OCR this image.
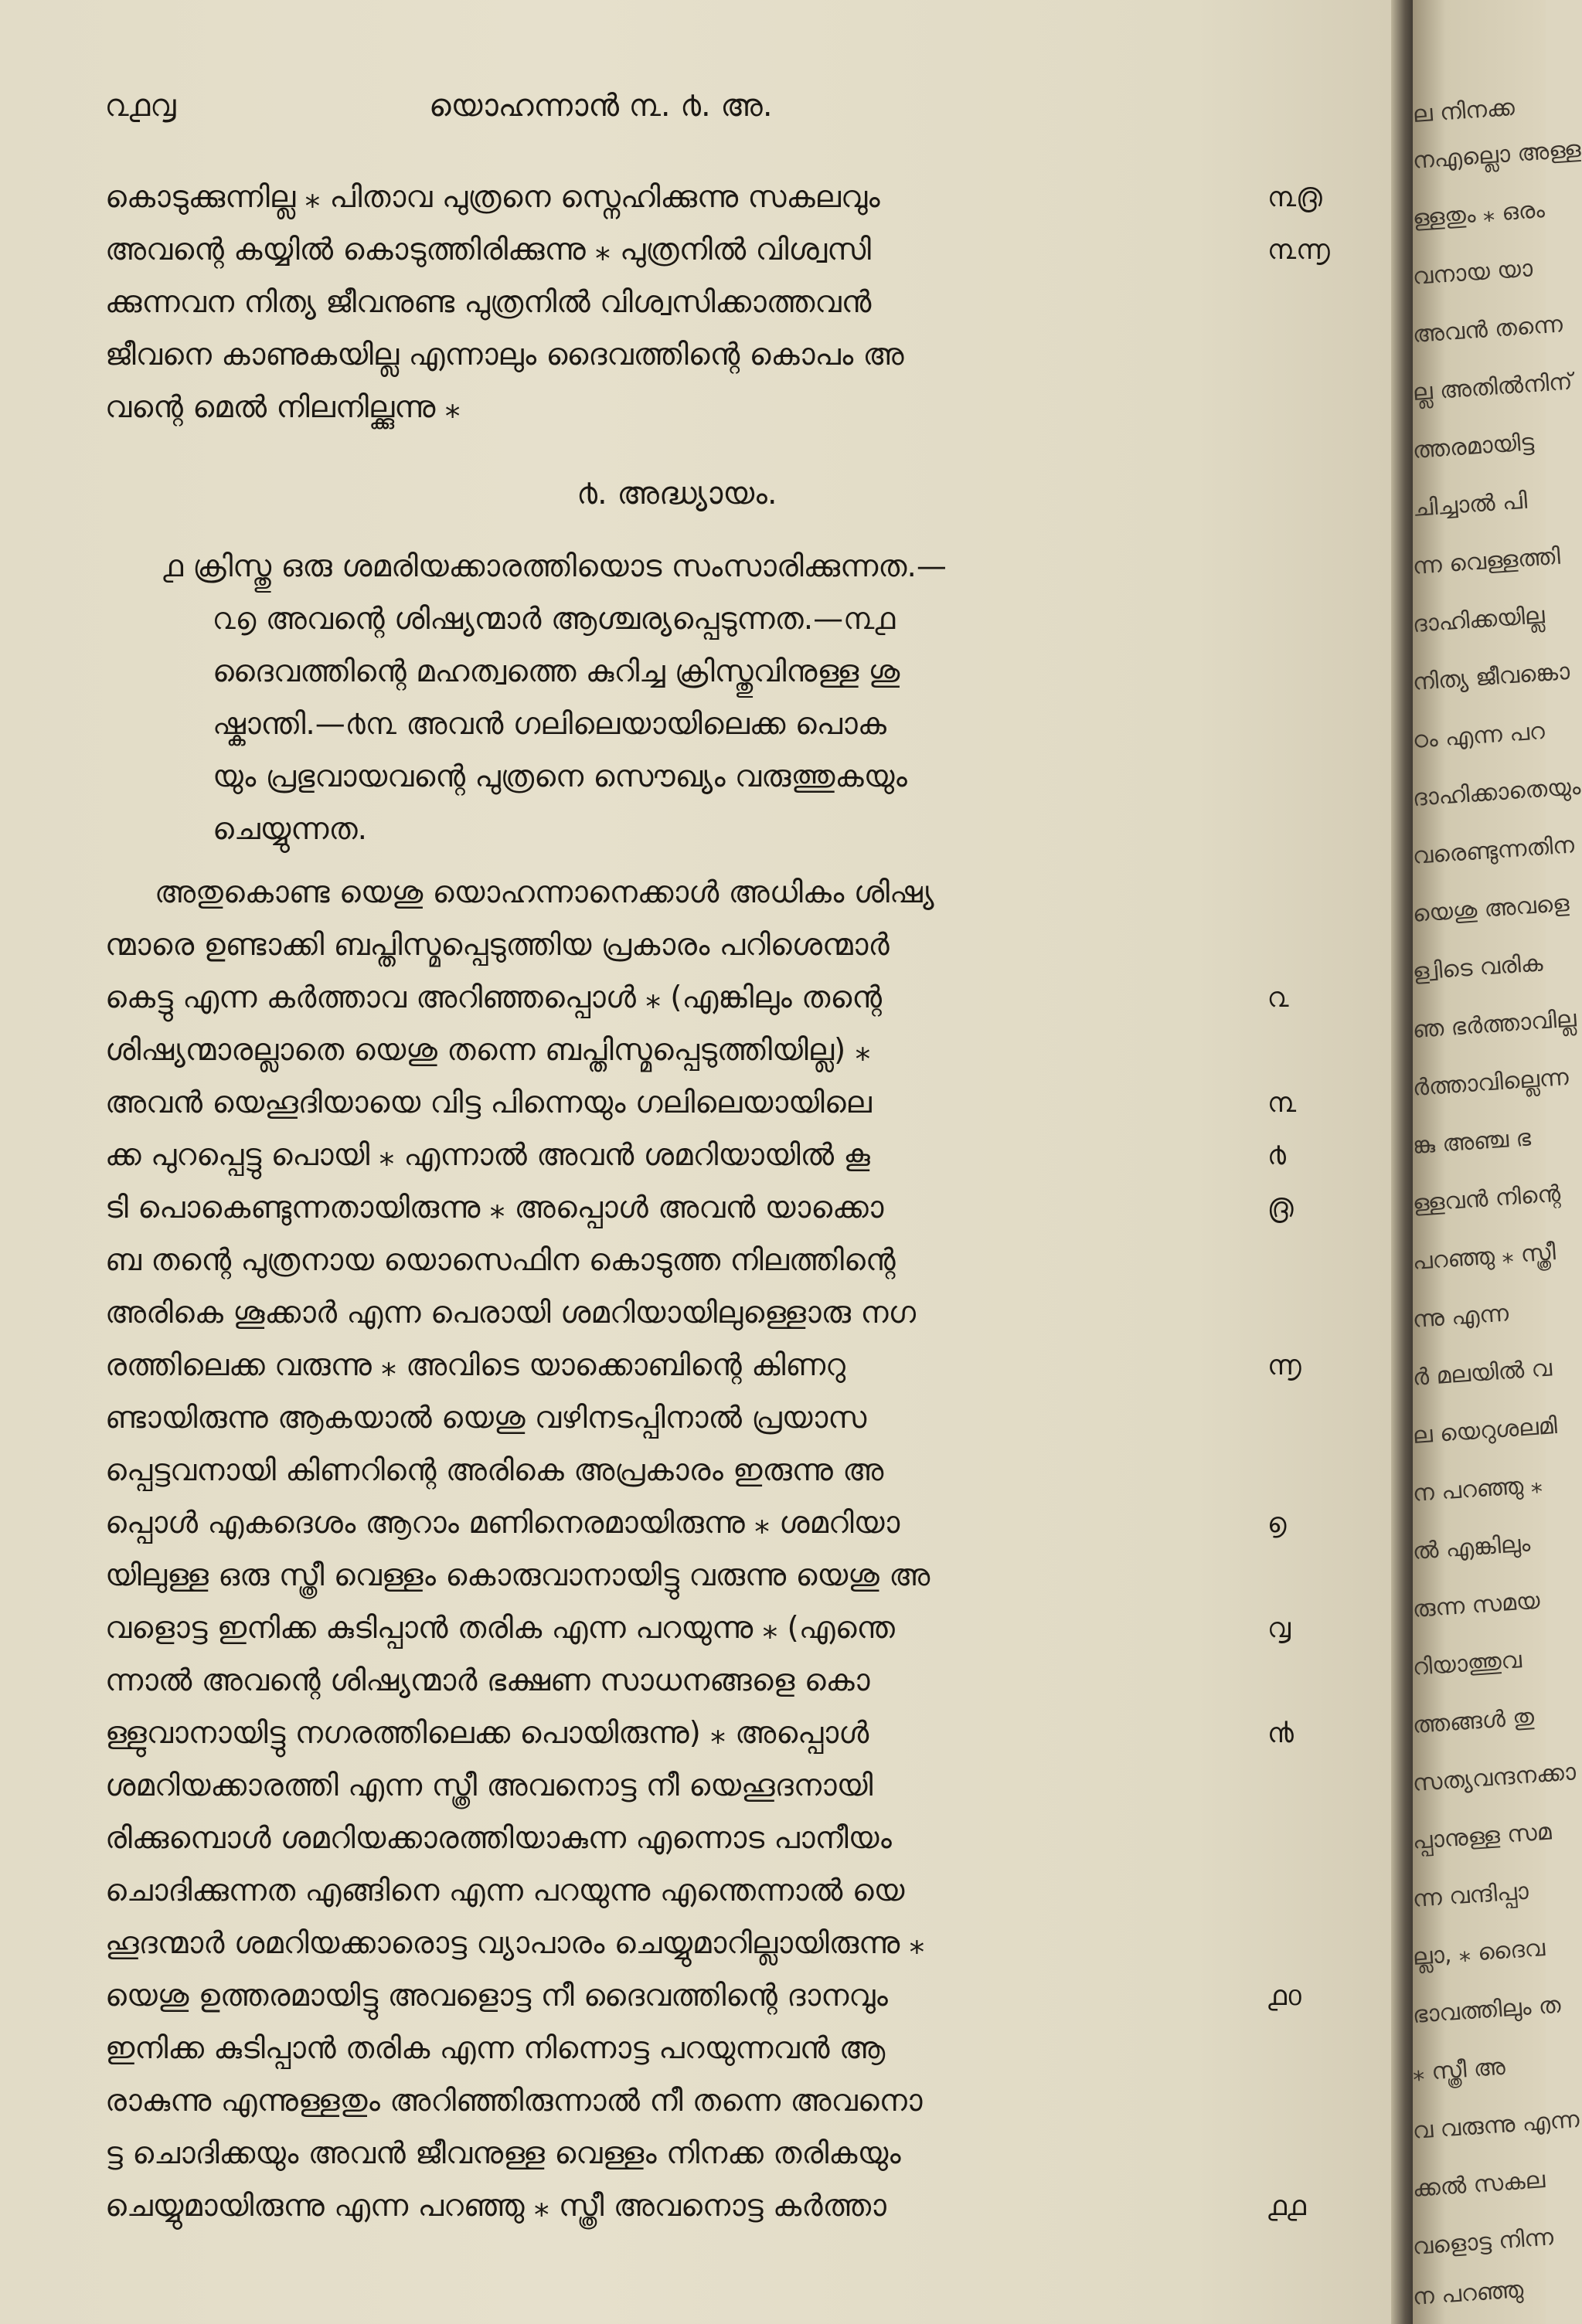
൨൧൮	യൊഹന്നാൻ ൩. ൪. അ.
കൊടുക്കുന്നില്ല ⁎ പിതാവ പുത്രനെ സ്നെഹിക്കുന്നു സകലവും
അവന്റെ കയ്യിൽ കൊടുത്തിരിക്കുന്നു ⁎ പുത്രനിൽ വിശ്വസി
ക്കുന്നവന നിത്യ ജീവനുണ്ട പുത്രനിൽ വിശ്വസിക്കാത്തവൻ
ജീവനെ കാണുകയില്ല എന്നാലും ദൈവത്തിന്റെ കൊപം അ
വന്റെ മെൽ നിലനില്ക്കുന്നു ⁎
൪. അദ്ധ്യായം.
൧ ക്രിസ്തു ഒരു ശമരിയക്കാരത്തിയൊട സംസാരിക്കുന്നത.—
൨൭ അവന്റെ ശിഷ്യന്മാർ ആശ്ചര്യപ്പെടുന്നത.—൩൧
ദൈവത്തിന്റെ മഹത്വത്തെ കുറിച്ച ക്രിസ്തുവിനുള്ള ശു
ഷ്കാന്തി.—൪൩ അവൻ ഗലിലെയായിലെക്ക പൊക
യും പ്രഭുവായവന്റെ പുത്രനെ സൌഖ്യം വരുത്തുകയും
ചെയ്യുന്നത.
അതുകൊണ്ട യെശു യൊഹന്നാനെക്കാൾ അധികം ശിഷ്യ
ന്മാരെ ഉണ്ടാക്കി ബപ്തിസ്മപ്പെടുത്തിയ പ്രകാരം പറിശെന്മാർ
കെട്ടു എന്ന കർത്താവ അറിഞ്ഞപ്പൊൾ ⁎ (എങ്കിലും തന്റെ
ശിഷ്യന്മാരല്ലാതെ യെശു തന്നെ ബപ്തിസ്മപ്പെടുത്തിയില്ല) ⁎
അവൻ യെഹൂദിയായെ വിട്ട പിന്നെയും ഗലിലെയായിലെ
ക്ക പുറപ്പെട്ടു പൊയി ⁎ എന്നാൽ അവൻ ശമറിയായിൽ കൂ
ടി പൊകെണ്ടുന്നതായിരുന്നു ⁎ അപ്പൊൾ അവൻ യാക്കൊ
ബ തന്റെ പുത്രനായ യൊസെഫിന കൊടുത്ത നിലത്തിന്റെ
അരികെ ശൂക്കാർ എന്ന പെരായി ശമറിയായിലുള്ളൊരു നഗ
രത്തിലെക്ക വരുന്നു ⁎ അവിടെ യാക്കൊബിന്റെ കിണറു
ണ്ടായിരുന്നു ആകയാൽ യെശു വഴിനടപ്പിനാൽ പ്രയാസ
പ്പെട്ടവനായി കിണറിന്റെ അരികെ അപ്രകാരം ഇരുന്നു അ
പ്പൊൾ എകദെശം ആറാം മണിനെരമായിരുന്നു ⁎ ശമറിയാ
യിലുള്ള ഒരു സ്ത്രീ വെള്ളം കൊരുവാനായിട്ടു വരുന്നു യെശു അ
വളൊട്ട ഇനിക്ക കുടിപ്പാൻ തരിക എന്ന പറയുന്നു ⁎ (എന്തെ
ന്നാൽ അവന്റെ ശിഷ്യന്മാർ ഭക്ഷണ സാധനങ്ങളെ കൊ
ള്ളുവാനായിട്ടു നഗരത്തിലെക്ക പൊയിരുന്നു) ⁎ അപ്പൊൾ
ശമറിയക്കാരത്തി എന്ന സ്ത്രീ അവനൊട്ട നീ യെഹൂദനായി
രിക്കുമ്പൊൾ ശമറിയക്കാരത്തിയാകുന്ന എന്നൊട പാനീയം
ചൊദിക്കുന്നത എങ്ങിനെ എന്ന പറയുന്നു എന്തെന്നാൽ യെ
ഹൂദന്മാർ ശമറിയക്കാരൊട്ട വ്യാപാരം ചെയ്യുമാറില്ലായിരുന്നു ⁎
യെശു ഉത്തരമായിട്ടു അവളൊട്ട നീ ദൈവത്തിന്റെ ദാനവും
ഇനിക്ക കുടിപ്പാൻ തരിക എന്ന നിന്നൊട്ട പറയുന്നവൻ ആ
രാകുന്നു എന്നുള്ളതും അറിഞ്ഞിരുന്നാൽ നീ തന്നെ അവനൊ
ട്ട ചൊദിക്കയും അവൻ ജീവനുള്ള വെള്ളം നിനക്ക തരികയും
ചെയ്യുമായിരുന്നു എന്ന പറഞ്ഞു ⁎ സ്ത്രീ അവനൊട്ട കർത്താ
൩൫
൩൬
൨
൩
൪
൫
൬
൭
൮
൯
൧൦
൧൧
ല നിനക്ക
നഎല്ലൊ അള്ള
ള്ളതും ⁎ ഒരം
വനായ യാ
അവൻ തന്നെ
ല്ല അതിൽനിന്
ത്തരമായിട്ട
ചിച്ചാൽ പി
ന്ന വെള്ളത്തി
ദാഹിക്കയില്ല
നിത്യ ജീവങ്കൊ
ഠം എന്ന പറ
ദാഹിക്കാതെയും
വരെണ്ടുന്നതിന
യെശു അവളെ
ള്വിടെ വരിക
ഞ ഭർത്താവില്ല
ർത്താവില്ലെന്ന
ങ്കു അഞ്ച ഭ
ള്ളവൻ നിന്റെ
പറഞ്ഞു ⁎ സ്ത്രീ
ന്നു എന്ന
ർ മലയിൽ വ
ല യെറുശലമി
ന പറഞ്ഞു ⁎
ൽ എങ്കിലും
രുന്ന സമയ
റിയാത്തുവ
ത്തങ്ങൾ തു
സത്യവന്ദനക്കാ
പ്പാനുള്ള സമ
ന്ന വന്ദിപ്പാ
ല്ലാ, ⁎ ദൈവ
ഭാവത്തിലും ത
⁎ സ്ത്രീ അ
വ വരുന്നു എന്ന
ക്കൽ സകല
വളൊട്ട നിന്ന
ന പറഞ്ഞു
